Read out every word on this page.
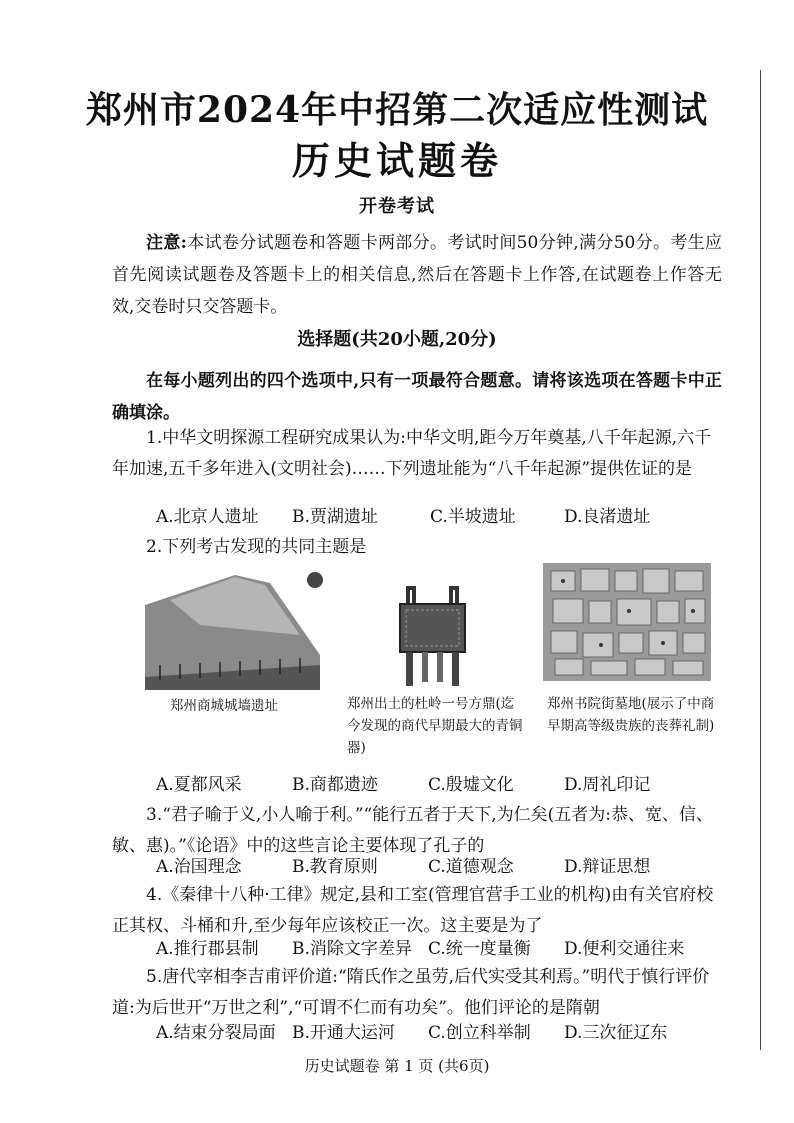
郑州市2024年中招第二次适应性测试
历史试题卷
开卷考试

注意:本试卷分试题卷和答题卡两部分。考试时间50分钟,满分50分。考生应首先阅读试题卷及答题卡上的相关信息,然后在答题卡上作答,在试题卷上作答无效,交卷时只交答题卡。

选择题(共20小题,20分)

在每小题列出的四个选项中,只有一项最符合题意。请将该选项在答题卡中正确填涂。

1.中华文明探源工程研究成果认为:中华文明,距今万年奠基,八千年起源,六千年加速,五千多年进入(文明社会)……下列遗址能为“八千年起源”提供佐证的是
A.北京人遗址 B.贾湖遗址	C.半坡遗址	D.良渚遗址
2.下列考古发现的共同主题是
郑州商城城墙遗址	郑州出土的杜岭一号方鼎(迄今发现的商代早期最大的青铜器)
郑州书院街墓地(展示了中商早期高等级贵族的丧葬礼制)
A.夏都风采	B.商都遗迹	C.殷墟文化	D.周礼印记
3.“君子喻于义,小人喻于利。”“能行五者于天下,为仁矣(五者为:恭、宽、信、敏、惠)。”《论语》中的这些言论主要体现了孔子的
A.治国理念	B.教育原则	C.道德观念	D.辩证思想
4.《秦律十八种·工律》规定,县和工室(管理官营手工业的机构)由有关官府校正其权、斗桶和升,至少每年应该校正一次。这主要是为了
A.推行郡县制 B.消除文字差异 C.统一度量衡 D.便利交通往来
5.唐代宰相李吉甫评价道:“隋氏作之虽劳,后代实受其利焉。”明代于慎行评价道:为后世开“万世之利”,“可谓不仁而有功矣”。他们评论的是隋朝
A.结束分裂局面 B.开通大运河 C.创立科举制 D.三次征辽东
历史试题卷 第 1 页 (共6页)
